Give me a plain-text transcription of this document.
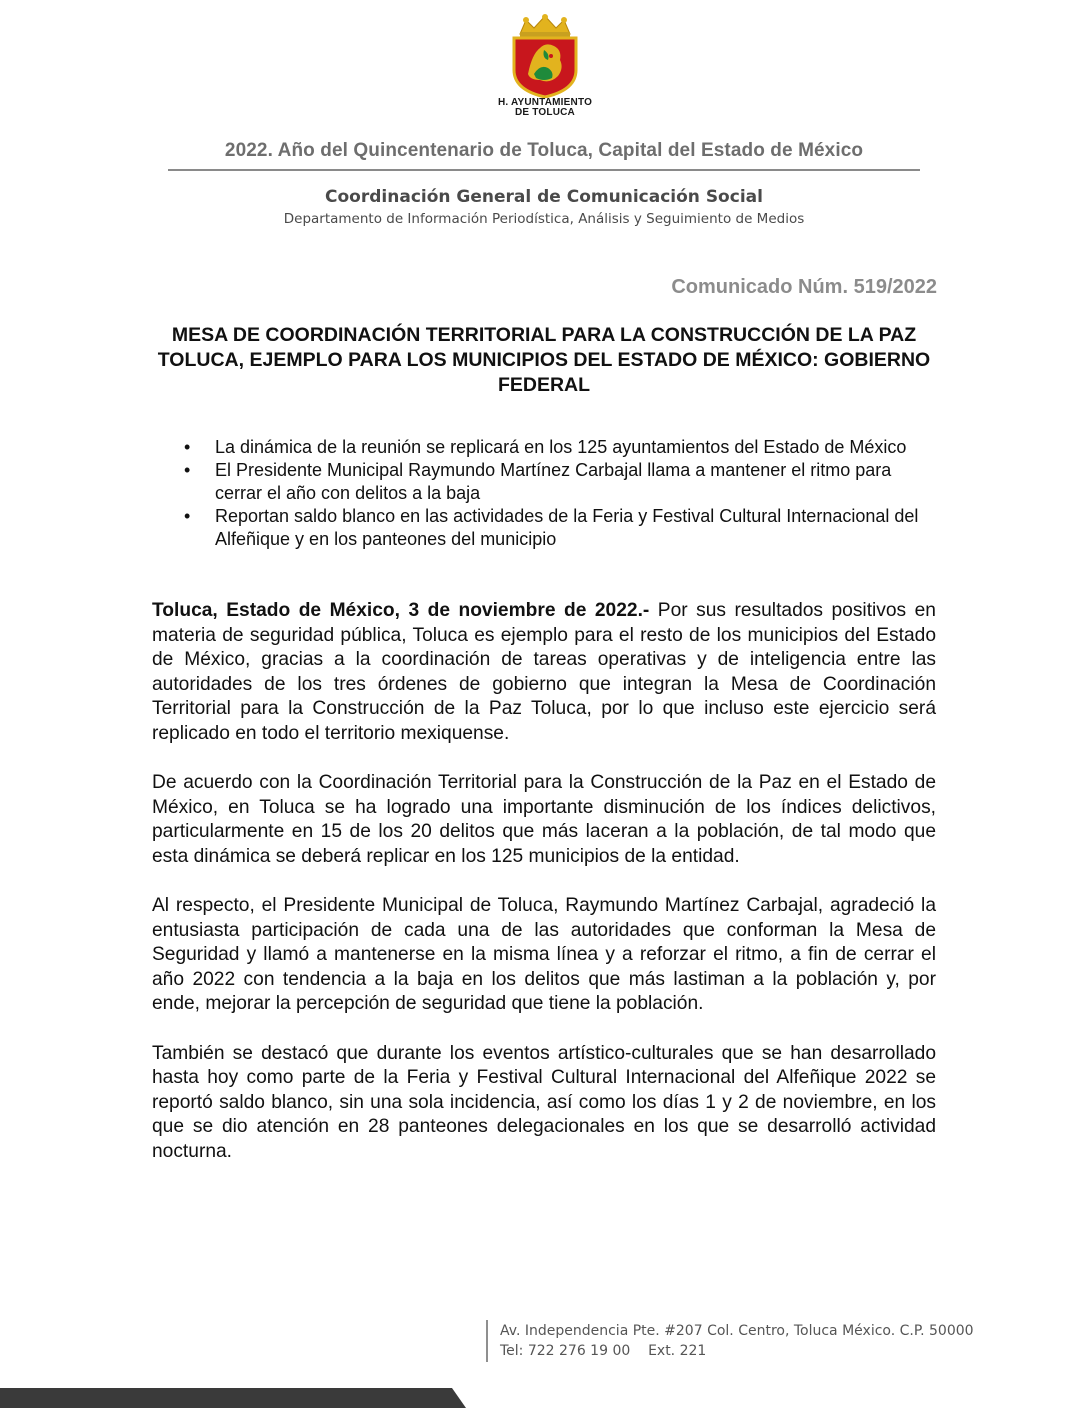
H. AYUNTAMIENTO
DE TOLUCA
2022. Año del Quincentenario de Toluca, Capital del Estado de México
Coordinación General de Comunicación Social
Departamento de Información Periodística, Análisis y Seguimiento de Medios
Comunicado Núm. 519/2022
MESA DE COORDINACIÓN TERRITORIAL PARA LA CONSTRUCCIÓN DE LA PAZ TOLUCA, EJEMPLO PARA LOS MUNICIPIOS DEL ESTADO DE MÉXICO: GOBIERNO FEDERAL
• La dinámica de la reunión se replicará en los 125 ayuntamientos del Estado de México
• El Presidente Municipal Raymundo Martínez Carbajal llama a mantener el ritmo para cerrar el año con delitos a la baja
• Reportan saldo blanco en las actividades de la Feria y Festival Cultural Internacional del Alfeñique y en los panteones del municipio

Toluca, Estado de México, 3 de noviembre de 2022.- Por sus resultados positivos en materia de seguridad pública, Toluca es ejemplo para el resto de los municipios del Estado de México, gracias a la coordinación de tareas operativas y de inteligencia entre las autoridades de los tres órdenes de gobierno que integran la Mesa de Coordinación Territorial para la Construcción de la Paz Toluca, por lo que incluso este ejercicio será replicado en todo el territorio mexiquense.

De acuerdo con la Coordinación Territorial para la Construcción de la Paz en el Estado de México, en Toluca se ha logrado una importante disminución de los índices delictivos, particularmente en 15 de los 20 delitos que más laceran a la población, de tal modo que esta dinámica se deberá replicar en los 125 municipios de la entidad.

Al respecto, el Presidente Municipal de Toluca, Raymundo Martínez Carbajal, agradeció la entusiasta participación de cada una de las autoridades que conforman la Mesa de Seguridad y llamó a mantenerse en la misma línea y a reforzar el ritmo, a fin de cerrar el año 2022 con tendencia a la baja en los delitos que más lastiman a la población y, por ende, mejorar la percepción de seguridad que tiene la población.

También se destacó que durante los eventos artístico-culturales que se han desarrollado hasta hoy como parte de la Feria y Festival Cultural Internacional del Alfeñique 2022 se reportó saldo blanco, sin una sola incidencia, así como los días 1 y 2 de noviembre, en los que se dio atención en 28 panteones delegacionales en los que se desarrolló actividad nocturna.

Av. Independencia Pte. #207 Col. Centro, Toluca México. C.P. 50000
Tel: 722 276 19 00    Ext. 221
